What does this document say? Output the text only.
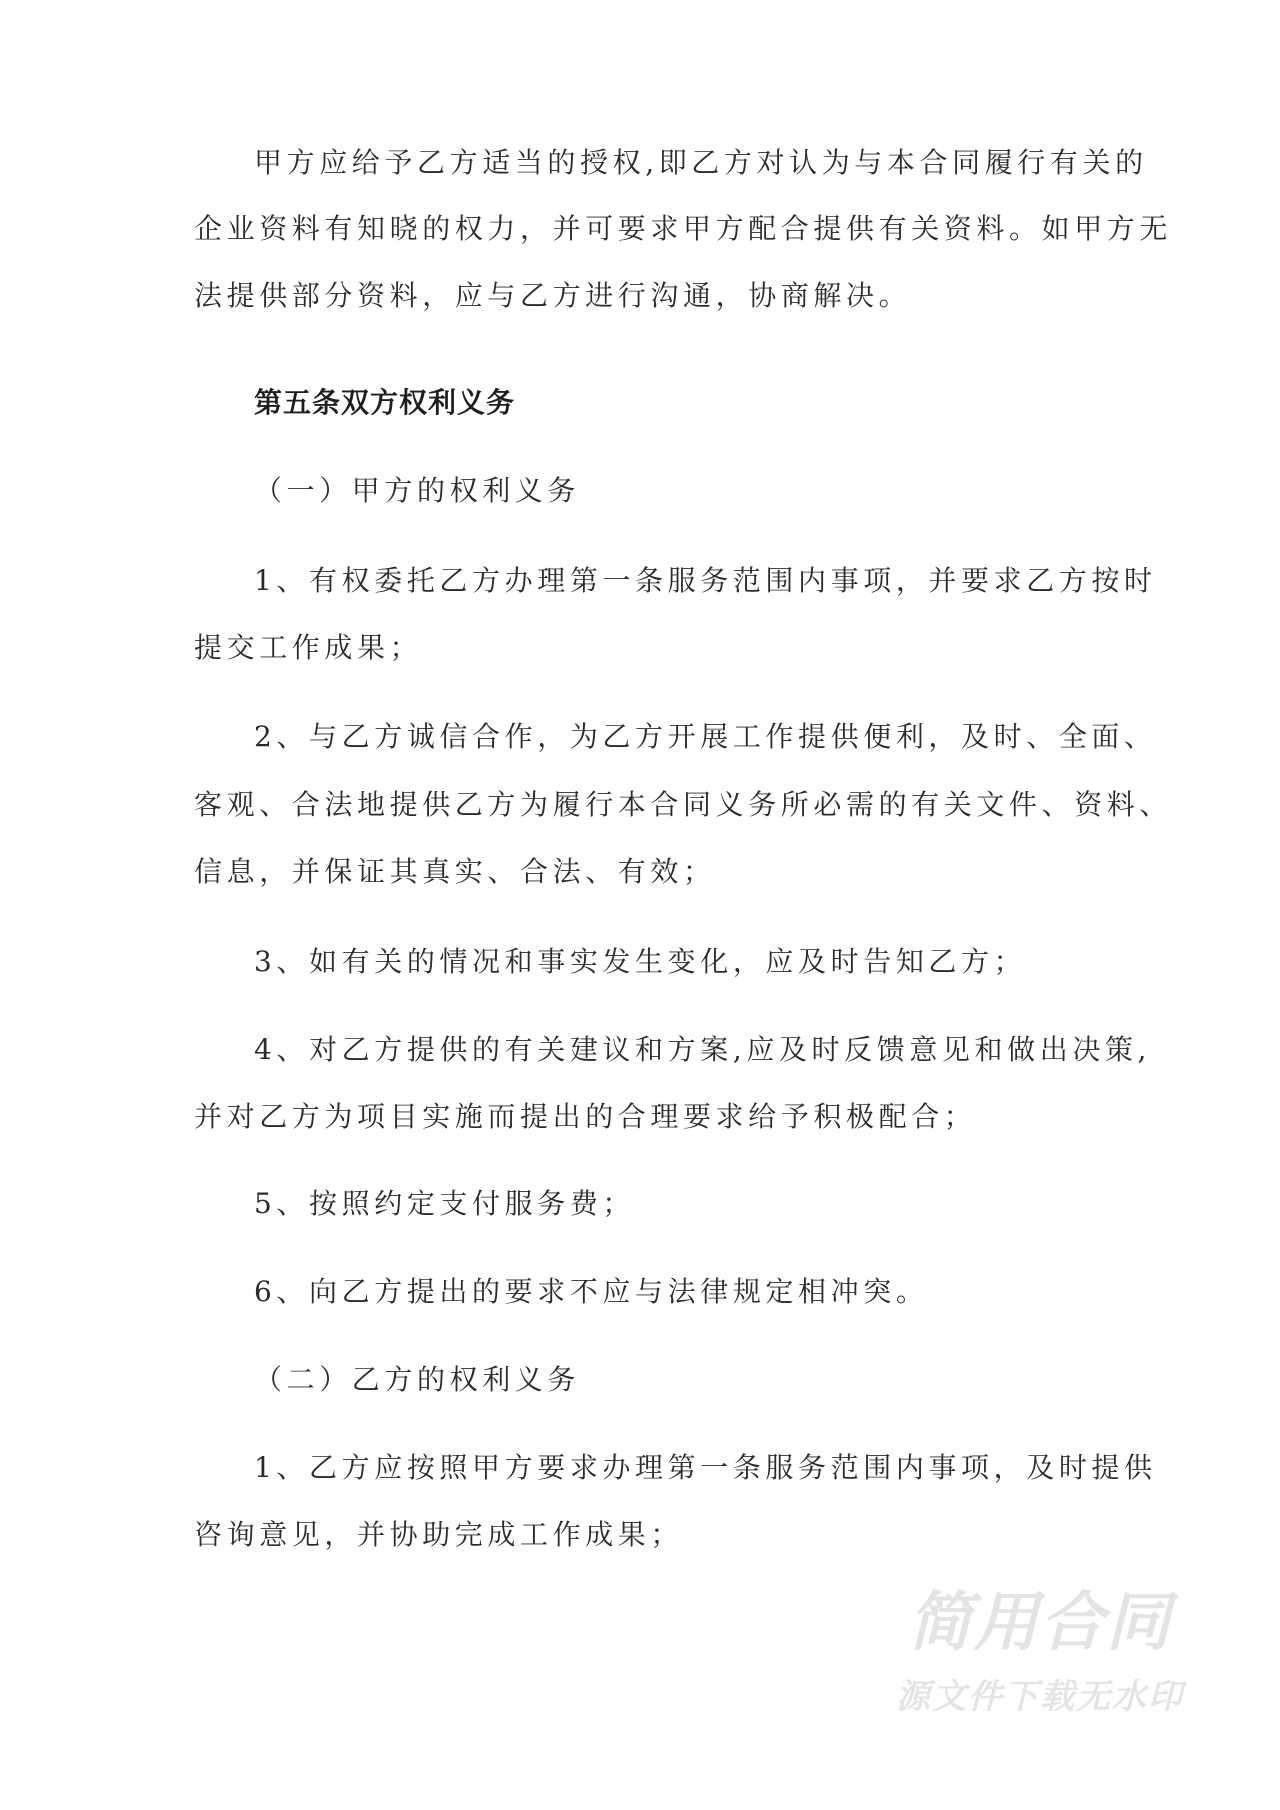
甲方应给予乙方适当的授权,即乙方对认为与本合同履行有关的
企业资料有知晓的权力，并可要求甲方配合提供有关资料。如甲方无
法提供部分资料，应与乙方进行沟通，协商解决。
第五条双方权利义务
（一）甲方的权利义务
1、有权委托乙方办理第一条服务范围内事项，并要求乙方按时
提交工作成果；
2、与乙方诚信合作，为乙方开展工作提供便利，及时、全面、
客观、合法地提供乙方为履行本合同义务所必需的有关文件、资料、
信息，并保证其真实、合法、有效；
3、如有关的情况和事实发生变化，应及时告知乙方；
4、对乙方提供的有关建议和方案,应及时反馈意见和做出决策,
并对乙方为项目实施而提出的合理要求给予积极配合；
5、按照约定支付服务费；
6、向乙方提出的要求不应与法律规定相冲突。
（二）乙方的权利义务
1、乙方应按照甲方要求办理第一条服务范围内事项，及时提供
咨询意见，并协助完成工作成果；
简用合同
源文件下载无水印
